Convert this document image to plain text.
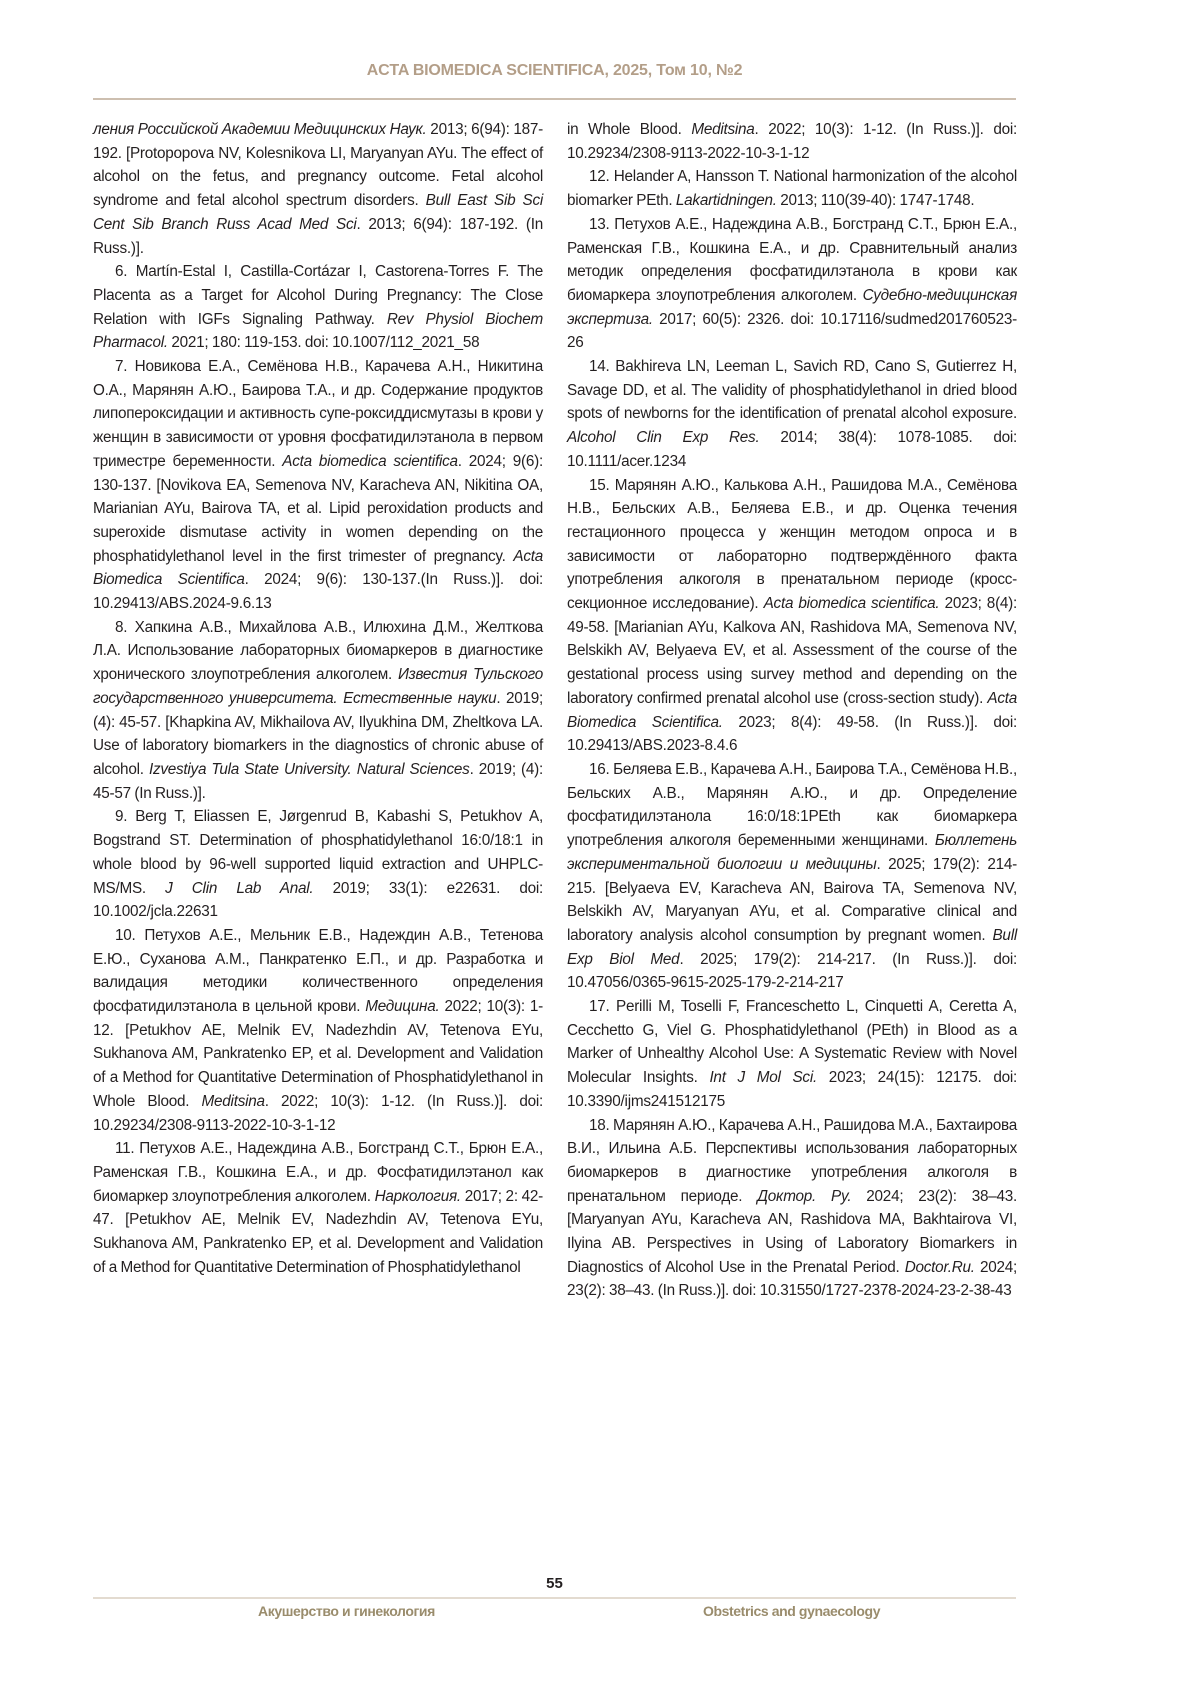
ACTA BIOMEDICA SCIENTIFICA, 2025, Том 10, №2

ления Российской Академии Медицинских Наук. 2013; 6(94): 187-192. [Protopopova NV, Kolesnikova LI, Maryanyan AYu. The effect of alcohol on the fetus, and pregnancy outcome. Fetal alcohol syndrome and fetal alcohol spectrum disorders. Bull East Sib Sci Cent Sib Branch Russ Acad Med Sci. 2013; 6(94): 187-192. (In Russ.)].

6. Martín-Estal I, Castilla-Cortázar I, Castorena-Torres F. The Placenta as a Target for Alcohol During Pregnancy: The Close Relation with IGFs Signaling Pathway. Rev Physiol Biochem Pharmacol. 2021; 180: 119-153. doi: 10.1007/112_2021_58

7. Новикова Е.А., Семёнова Н.В., Карачева А.Н., Никитина О.А., Марянян А.Ю., Баирова Т.А., и др. Содержание продуктов липопероксидации и активность супе-роксиддисмутазы в крови у женщин в зависимости от уровня фосфатидилэтанола в первом триместре беременности. Acta biomedica scientifica. 2024; 9(6): 130-137. [Novikova EA, Semenova NV, Karacheva AN, Nikitina OA, Marianian AYu, Bairova TA, et al. Lipid peroxidation products and superoxide dismutase activity in women depending on the phosphatidylethanol level in the first trimester of pregnancy. Acta Biomedica Scientifica. 2024; 9(6): 130-137.(In Russ.)]. doi: 10.29413/ABS.2024-9.6.13

8. Хапкина А.В., Михайлова А.В., Илюхина Д.М., Желткова Л.А. Использование лабораторных биомаркеров в диагностике хронического злоупотребления алкоголем. Известия Тульского государственного университета. Естественные науки. 2019; (4): 45-57. [Khapkina AV, Mikhailova AV, Ilyukhina DM, Zheltkova LA. Use of laboratory biomarkers in the diagnostics of chronic abuse of alcohol. Izvestiya Tula State University. Natural Sciences. 2019; (4): 45-57 (In Russ.)].

9. Berg T, Eliassen E, Jørgenrud B, Kabashi S, Petukhov A, Bogstrand ST. Determination of phosphatidylethanol 16:0/18:1 in whole blood by 96-well supported liquid extraction and UHPLC-MS/MS. J Clin Lab Anal. 2019; 33(1): e22631. doi: 10.1002/jcla.22631

10. Петухов А.Е., Мельник Е.В., Надеждин А.В., Тетенова Е.Ю., Суханова А.М., Панкратенко Е.П., и др. Разработка и валидация методики количественного определения фосфатидилэтанола в цельной крови. Медицина. 2022; 10(3): 1-12. [Petukhov AE, Melnik EV, Nadezhdin AV, Tetenova EYu, Sukhanova AM, Pankratenko EP, et al. Development and Validation of a Method for Quantitative Determination of Phosphatidylethanol in Whole Blood. Meditsina. 2022; 10(3): 1-12. (In Russ.)]. doi: 10.29234/2308-9113-2022-10-3-1-12

11. Петухов А.Е., Надеждина А.В., Богстранд С.Т., Брюн Е.А., Раменская Г.В., Кошкина Е.А., и др. Фосфатидилэтанол как биомаркер злоупотребления алкоголем. Наркология. 2017; 2: 42-47. [Petukhov AE, Melnik EV, Nadezhdin AV, Tetenova EYu, Sukhanova AM, Pankratenko EP, et al. Development and Validation of a Method for Quantitative Determination of Phosphatidylethanol

in Whole Blood. Meditsina. 2022; 10(3): 1-12. (In Russ.)]. doi: 10.29234/2308-9113-2022-10-3-1-12

12. Helander A, Hansson T. National harmonization of the alcohol biomarker PEth. Lakartidningen. 2013; 110(39-40): 1747-1748.

13. Петухов А.Е., Надеждина А.В., Богстранд С.Т., Брюн Е.А., Раменская Г.В., Кошкина Е.А., и др. Сравнительный анализ методик определения фосфатидилэтанола в крови как биомаркера злоупотребления алкоголем. Судебно-медицинская экспертиза. 2017; 60(5): 2326. doi: 10.17116/sudmed201760523-26

14. Bakhireva LN, Leeman L, Savich RD, Cano S, Gutierrez H, Savage DD, et al. The validity of phosphatidylethanol in dried blood spots of newborns for the identification of prenatal alcohol exposure. Alcohol Clin Exp Res. 2014; 38(4): 1078-1085. doi: 10.1111/acer.1234

15. Марянян А.Ю., Калькова А.Н., Рашидова М.А., Семёнова Н.В., Бельских А.В., Беляева Е.В., и др. Оценка течения гестационного процесса у женщин методом опроса и в зависимости от лабораторно подтверждённого факта употребления алкоголя в пренатальном периоде (кросс-секционное исследование). Acta biomedica scientifica. 2023; 8(4): 49-58. [Marianian AYu, Kalkova AN, Rashidova MA, Semenova NV, Belskikh AV, Belyaeva EV, et al. Assessment of the course of the gestational process using survey method and depending on the laboratory confirmed prenatal alcohol use (cross-section study). Acta Biomedica Scientifica. 2023; 8(4): 49-58. (In Russ.)]. doi: 10.29413/ABS.2023-8.4.6

16. Беляева Е.В., Карачева А.Н., Баирова Т.А., Семёнова Н.В., Бельских А.В., Марянян А.Ю., и др. Определение фосфатидилэтанола 16:0/18:1PEth как биомаркера употребления алкоголя беременными женщинами. Бюллетень экспериментальной биологии и медицины. 2025; 179(2): 214-215. [Belyaeva EV, Karacheva AN, Bairova TA, Semenova NV, Belskikh AV, Maryanyan AYu, et al. Comparative clinical and laboratory analysis alcohol consumption by pregnant women. Bull Exp Biol Med. 2025; 179(2): 214-217. (In Russ.)]. doi: 10.47056/0365-9615-2025-179-2-214-217

17. Perilli M, Toselli F, Franceschetto L, Cinquetti A, Ceretta A, Cecchetto G, Viel G. Phosphatidylethanol (PEth) in Blood as a Marker of Unhealthy Alcohol Use: A Systematic Review with Novel Molecular Insights. Int J Mol Sci. 2023; 24(15): 12175. doi: 10.3390/ijms241512175

18. Марянян А.Ю., Карачева А.Н., Рашидова М.А., Бахтаирова В.И., Ильина А.Б. Перспективы использования лабораторных биомаркеров в диагностике употребления алкоголя в пренатальном периоде. Доктор. Ру. 2024; 23(2): 38–43. [Maryanyan AYu, Karacheva AN, Rashidova MA, Bakhtairova VI, Ilyina AB. Perspectives in Using of Laboratory Biomarkers in Diagnostics of Alcohol Use in the Prenatal Period. Doctor.Ru. 2024; 23(2): 38–43. (In Russ.)]. doi: 10.31550/1727-2378-2024-23-2-38-43

55
Акушерство и гинекология	Obstetrics and gynaecology
